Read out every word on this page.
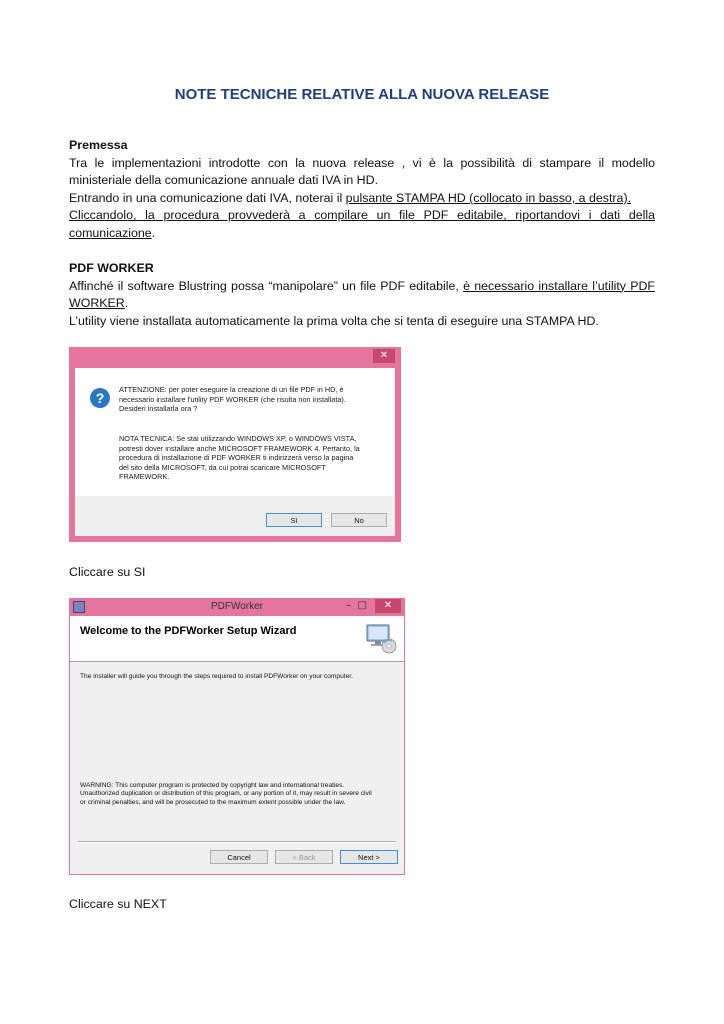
NOTE TECNICHE RELATIVE ALLA NUOVA RELEASE

Premessa

Tra le implementazioni introdotte con la nuova release , vi è la possibilità di stampare il modello

ministeriale della comunicazione annuale dati IVA in HD.

Entrando in una comunicazione dati IVA, noterai il pulsante STAMPA HD (collocato in basso, a destra).

Cliccandolo, la procedura provvederà a compilare un file PDF editabile, riportandovi i dati della comunicazione.

PDF WORKER

Affinché il software Blustring possa “manipolare” un file PDF editabile, è necessario installare l’utility PDF WORKER.

L’utility viene installata automaticamente la prima volta che si tenta di eseguire una STAMPA HD.

✕
?
ATTENZIONE: per poter eseguire la creazione di un file PDF in HD, è
necessario installare l'utility PDF WORKER (che risulta non installata).
Desideri installarla ora ?
NOTA TECNICA: Se stai utilizzando WINDOWS XP, o WINDOWS VISTA,
potresti dover installare anche MICROSOFT FRAMEWORK 4. Pertanto, la
procedura di installazione di PDF WORKER ti indirizzerà verso la pagina
del sito della MICROSOFT, da cui potrai scaricare MICROSOFT
FRAMEWORK.
Sì	No
Cliccare su SI
PDFWorker	– □	✕
Welcome to the PDFWorker Setup Wizard
The installer will guide you through the steps required to install PDFWorker on your computer.
WARNING: This computer program is protected by copyright law and international treaties.
Unauthorized duplication or distribution of this program, or any portion of it, may result in severe civil
or criminal penalties, and will be prosecuted to the maximum extent possible under the law.
Cancel	< Back	Next >
Cliccare su NEXT
